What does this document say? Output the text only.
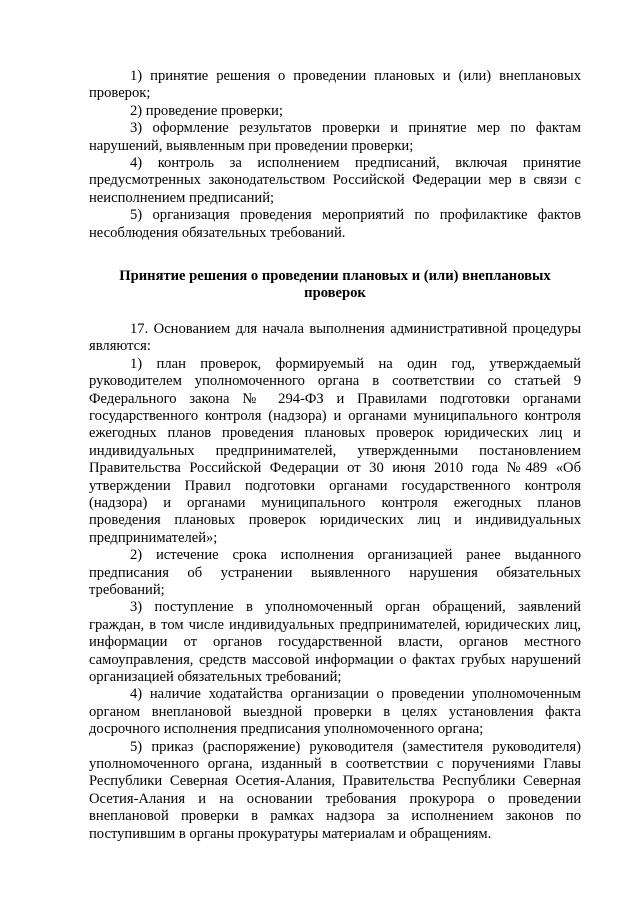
1) принятие решения о проведении плановых и (или) внеплановых проверок;

2) проведение проверки;

3) оформление результатов проверки и принятие мер по фактам нарушений, выявленным при проведении проверки;

4) контроль за исполнением предписаний, включая принятие предусмотренных законодательством Российской Федерации мер в связи с неисполнением предписаний;

5) организация проведения мероприятий по профилактике фактов несоблюдения обязательных требований.

Принятие решения о проведении плановых и (или) внеплановых проверок

17. Основанием для начала выполнения административной процедуры являются:

1) план проверок, формируемый на один год, утверждаемый руководителем уполномоченного органа в соответствии со статьей 9 Федерального закона № 294-ФЗ и Правилами подготовки органами государственного контроля (надзора) и органами муниципального контроля ежегодных планов проведения плановых проверок юридических лиц и индивидуальных предпринимателей, утвержденными постановлением Правительства Российской Федерации от 30 июня 2010 года №489 «Об утверждении Правил подготовки органами государственного контроля (надзора) и органами муниципального контроля ежегодных планов проведения плановых проверок юридических лиц и индивидуальных предпринимателей»;

2) истечение срока исполнения организацией ранее выданного предписания об устранении выявленного нарушения обязательных требований;

3) поступление в уполномоченный орган обращений, заявлений граждан, в том числе индивидуальных предпринимателей, юридических лиц, информации от органов государственной власти, органов местного самоуправления, средств массовой информации о фактах грубых нарушений организацией обязательных требований;

4) наличие ходатайства организации о проведении уполномоченным органом внеплановой выездной проверки в целях установления факта досрочного исполнения предписания уполномоченного органа;

5) приказ (распоряжение) руководителя (заместителя руководителя) уполномоченного органа, изданный в соответствии с поручениями Главы Республики Северная Осетия-Алания, Правительства Республики Северная Осетия-Алания и на основании требования прокурора о проведении внеплановой проверки в рамках надзора за исполнением законов по поступившим в органы прокуратуры материалам и обращениям.
